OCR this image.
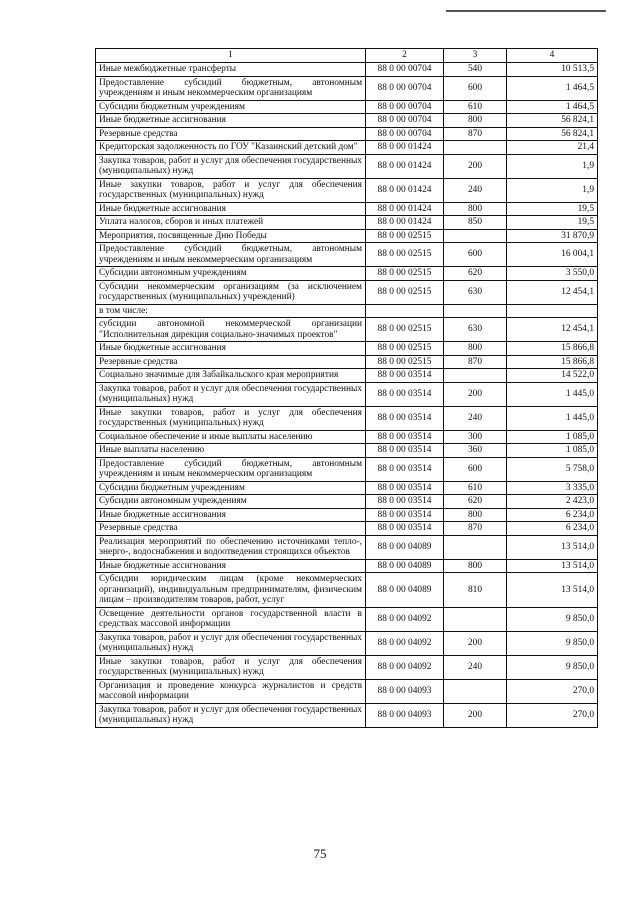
1	2	3	4
Иные межбюджетные трансферты	88 0 00 00704	540	10 513,5
Предоставление субсидий бюджетным, автономным учреждениям и иным некоммерческим организациям	88 0 00 00704	600	1 464,5
Субсидии бюджетным учреждениям	88 0 00 00704	610	1 464,5
Иные бюджетные ассигнования	88 0 00 00704	800	56 824,1
Резервные средства	88 0 00 00704	870	56 824,1
Кредиторская задолженность по ГОУ "Казаинский детский дом"	88 0 00 01424		21,4
Закупка товаров, работ и услуг для обеспечения государственных (муниципальных) нужд	88 0 00 01424	200	1,9
Иные закупки товаров, работ и услуг для обеспечения государственных (муниципальных) нужд	88 0 00 01424	240	1,9
Иные бюджетные ассигнования	88 0 00 01424	800	19,5
Уплата налогов, сборов и иных платежей	88 0 00 01424	850	19,5
Мероприятия, посвященные Дню Победы	88 0 00 02515		31 870,9
Предоставление субсидий бюджетным, автономным учреждениям и иным некоммерческим организациям	88 0 00 02515	600	16 004,1
Субсидии автономным учреждениям	88 0 00 02515	620	3 550,0
Субсидии некоммерческим организациям (за исключением государственных (муниципальных) учреждений)	88 0 00 02515	630	12 454,1
в том числе:			
субсидии автономной некоммерческой организации "Исполнительная дирекция социально-значимых проектов"	88 0 00 02515	630	12 454,1
Иные бюджетные ассигнования	88 0 00 02515	800	15 866,8
Резервные средства	88 0 00 02515	870	15 866,8
Социально значимые для Забайкальского края мероприятия	88 0 00 03514		14 522,0
Закупка товаров, работ и услуг для обеспечения государственных (муниципальных) нужд	88 0 00 03514	200	1 445,0
Иные закупки товаров, работ и услуг для обеспечения государственных (муниципальных) нужд	88 0 00 03514	240	1 445,0
Социальное обеспечение и иные выплаты населению	88 0 00 03514	300	1 085,0
Иные выплаты населению	88 0 00 03514	360	1 085,0
Предоставление субсидий бюджетным, автономным учреждениям и иным некоммерческим организациям	88 0 00 03514	600	5 758,0
Субсидии бюджетным учреждениям	88 0 00 03514	610	3 335,0
Субсидии автономным учреждениям	88 0 00 03514	620	2 423,0
Иные бюджетные ассигнования	88 0 00 03514	800	6 234,0
Резервные средства	88 0 00 03514	870	6 234,0
Реализация мероприятий по обеспечению источниками тепло-, энерго-, водоснабжения и водоотведения строящихся объектов	88 0 00 04089		13 514,0
Иные бюджетные ассигнования	88 0 00 04089	800	13 514,0
Субсидии юридическим лицам (кроме некоммерческих организаций), индивидуальным предпринимателям, физическим лицам – производителям товаров, работ, услуг	88 0 00 04089	810	13 514,0
Освещение деятельности органов государственной власти в средствах массовой информации	88 0 00 04092		9 850,0
Закупка товаров, работ и услуг для обеспечения государственных (муниципальных) нужд	88 0 00 04092	200	9 850,0
Иные закупки товаров, работ и услуг для обеспечения государственных (муниципальных) нужд	88 0 00 04092	240	9 850,0
Организация и проведение конкурса журналистов и средств массовой информации	88 0 00 04093		270,0
Закупка товаров, работ и услуг для обеспечения государственных (муниципальных) нужд	88 0 00 04093	200	270,0
75
